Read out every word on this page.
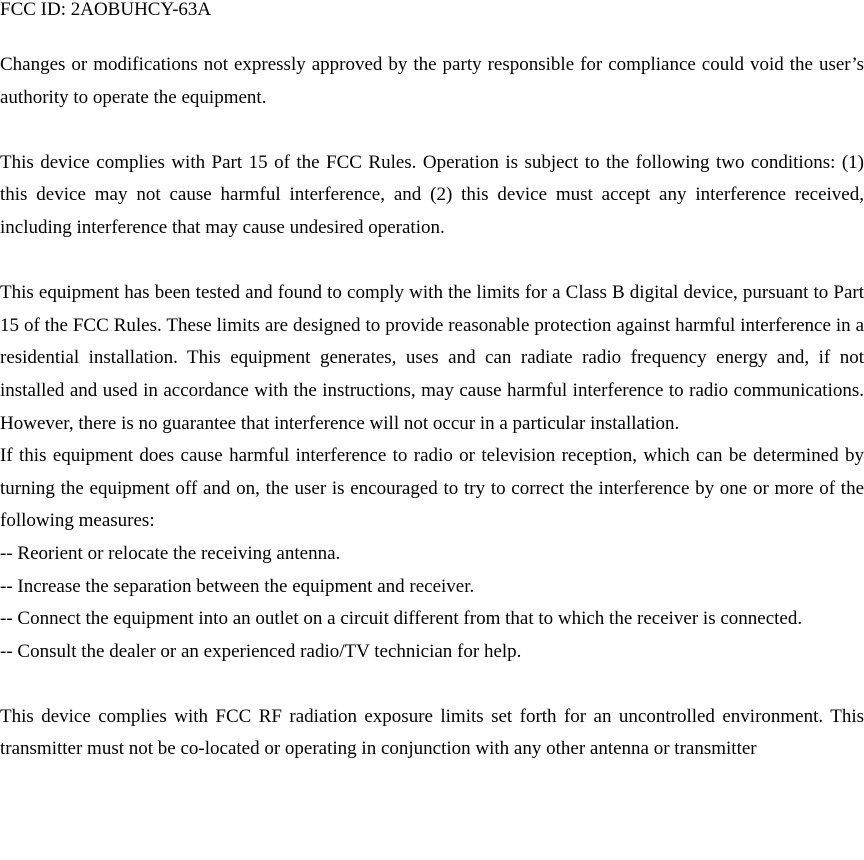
FCC ID: 2AOBUHCY-63A

Changes or modifications not expressly approved by the party responsible for compliance could void the user’s authority to operate the equipment.

This device complies with Part 15 of the FCC Rules. Operation is subject to the following two conditions: (1) this device may not cause harmful interference, and (2) this device must accept any interference received, including interference that may cause undesired operation.

This equipment has been tested and found to comply with the limits for a Class B digital device, pursuant to Part 15 of the FCC Rules. These limits are designed to provide reasonable protection against harmful interference in a residential installation. This equipment generates, uses and can radiate radio frequency energy and, if not installed and used in accordance with the instructions, may cause harmful interference to radio communications. However, there is no guarantee that interference will not occur in a particular installation.

If this equipment does cause harmful interference to radio or television reception, which can be determined by turning the equipment off and on, the user is encouraged to try to correct the interference by one or more of the following measures:

-- Reorient or relocate the receiving antenna.

-- Increase the separation between the equipment and receiver.

-- Connect the equipment into an outlet on a circuit different from that to which the receiver is connected.

-- Consult the dealer or an experienced radio/TV technician for help.

This device complies with FCC RF radiation exposure limits set forth for an uncontrolled environment. This transmitter must not be co-located or operating in conjunction with any other antenna or transmitter
